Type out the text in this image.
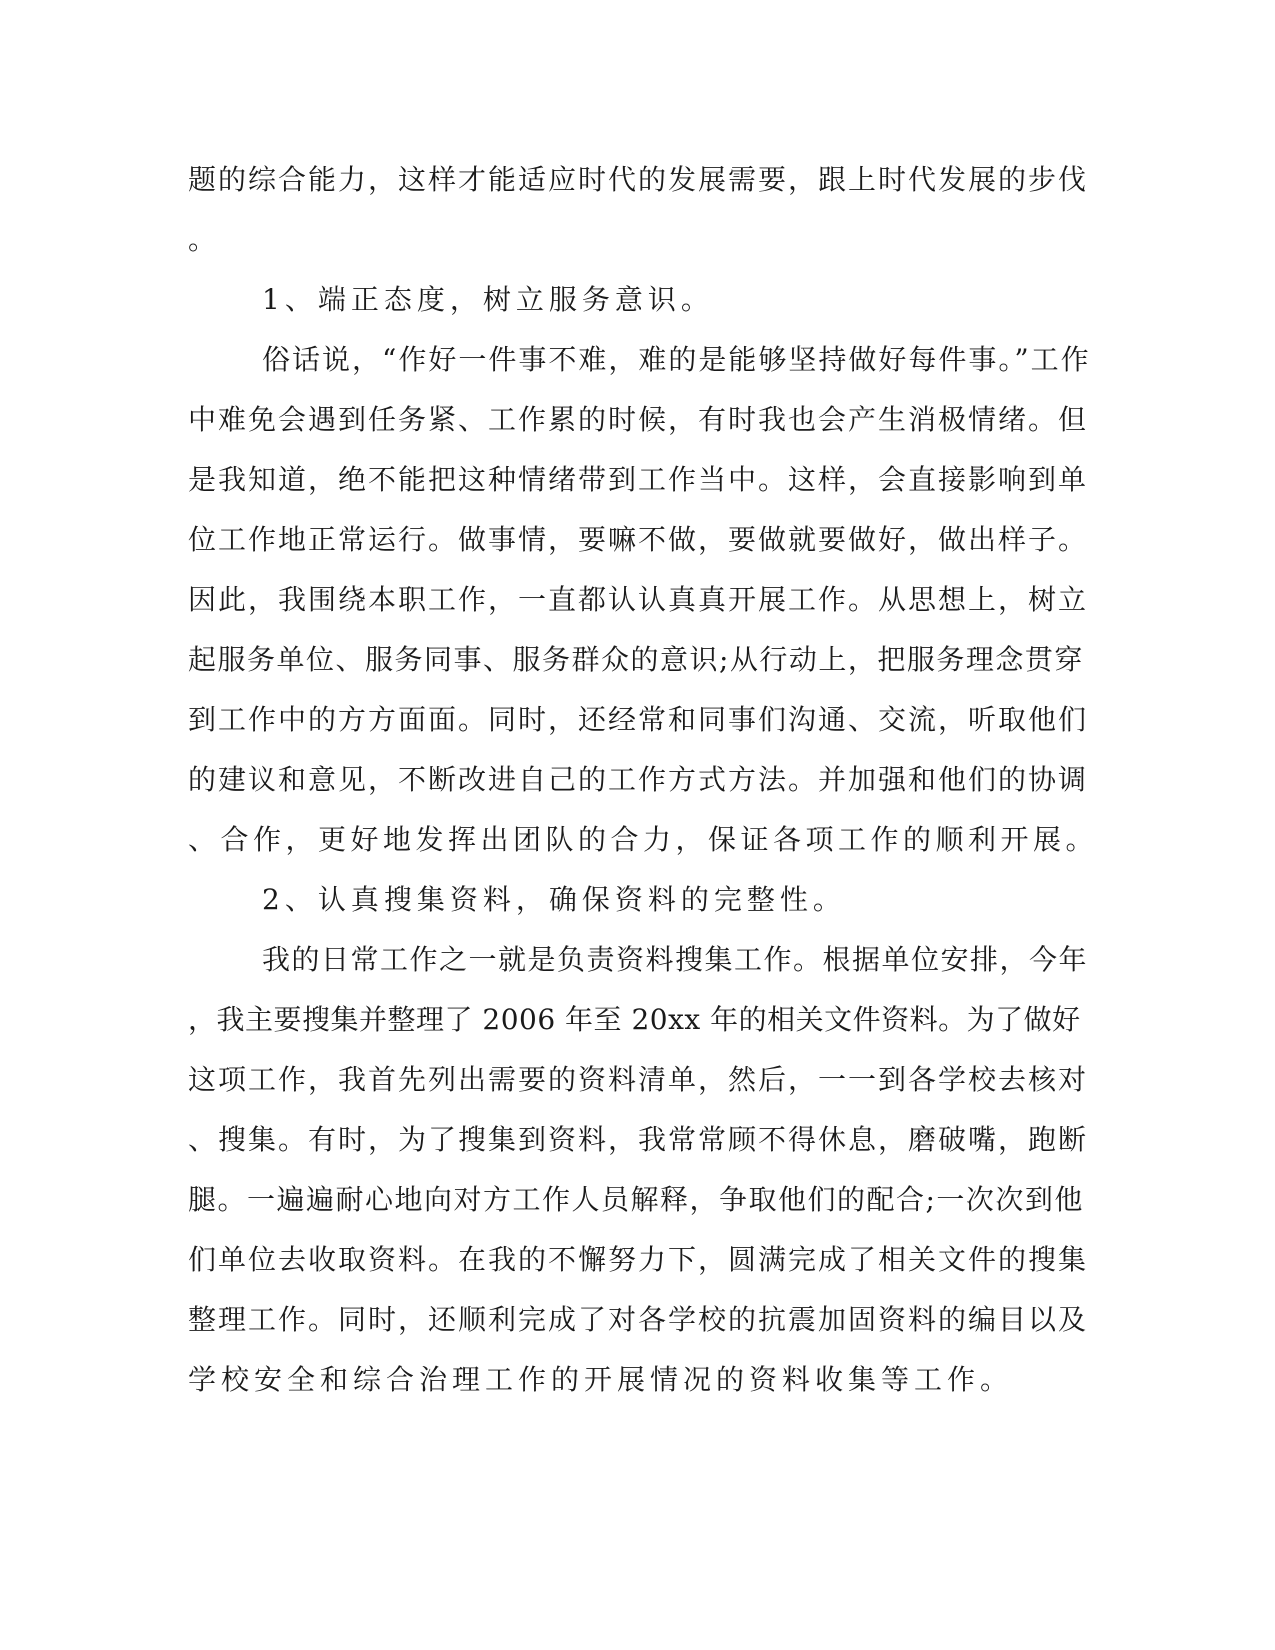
题的综合能力，这样才能适应时代的发展需要，跟上时代发展的步伐
。
1、端正态度，树立服务意识。
俗话说，“作好一件事不难，难的是能够坚持做好每件事。”工作
中难免会遇到任务紧、工作累的时候，有时我也会产生消极情绪。但
是我知道，绝不能把这种情绪带到工作当中。这样，会直接影响到单
位工作地正常运行。做事情，要嘛不做，要做就要做好，做出样子。
因此，我围绕本职工作，一直都认认真真开展工作。从思想上，树立
起服务单位、服务同事、服务群众的意识;从行动上，把服务理念贯穿
到工作中的方方面面。同时，还经常和同事们沟通、交流，听取他们
的建议和意见，不断改进自己的工作方式方法。并加强和他们的协调
、合作，更好地发挥出团队的合力，保证各项工作的顺利开展。
2、认真搜集资料，确保资料的完整性。
我的日常工作之一就是负责资料搜集工作。根据单位安排，今年
，我主要搜集并整理了 2006 年至 20xx 年的相关文件资料。为了做好
这项工作，我首先列出需要的资料清单，然后，一一到各学校去核对
、搜集。有时，为了搜集到资料，我常常顾不得休息，磨破嘴，跑断
腿。一遍遍耐心地向对方工作人员解释，争取他们的配合;一次次到他
们单位去收取资料。在我的不懈努力下，圆满完成了相关文件的搜集
整理工作。同时，还顺利完成了对各学校的抗震加固资料的编目以及
学校安全和综合治理工作的开展情况的资料收集等工作。
